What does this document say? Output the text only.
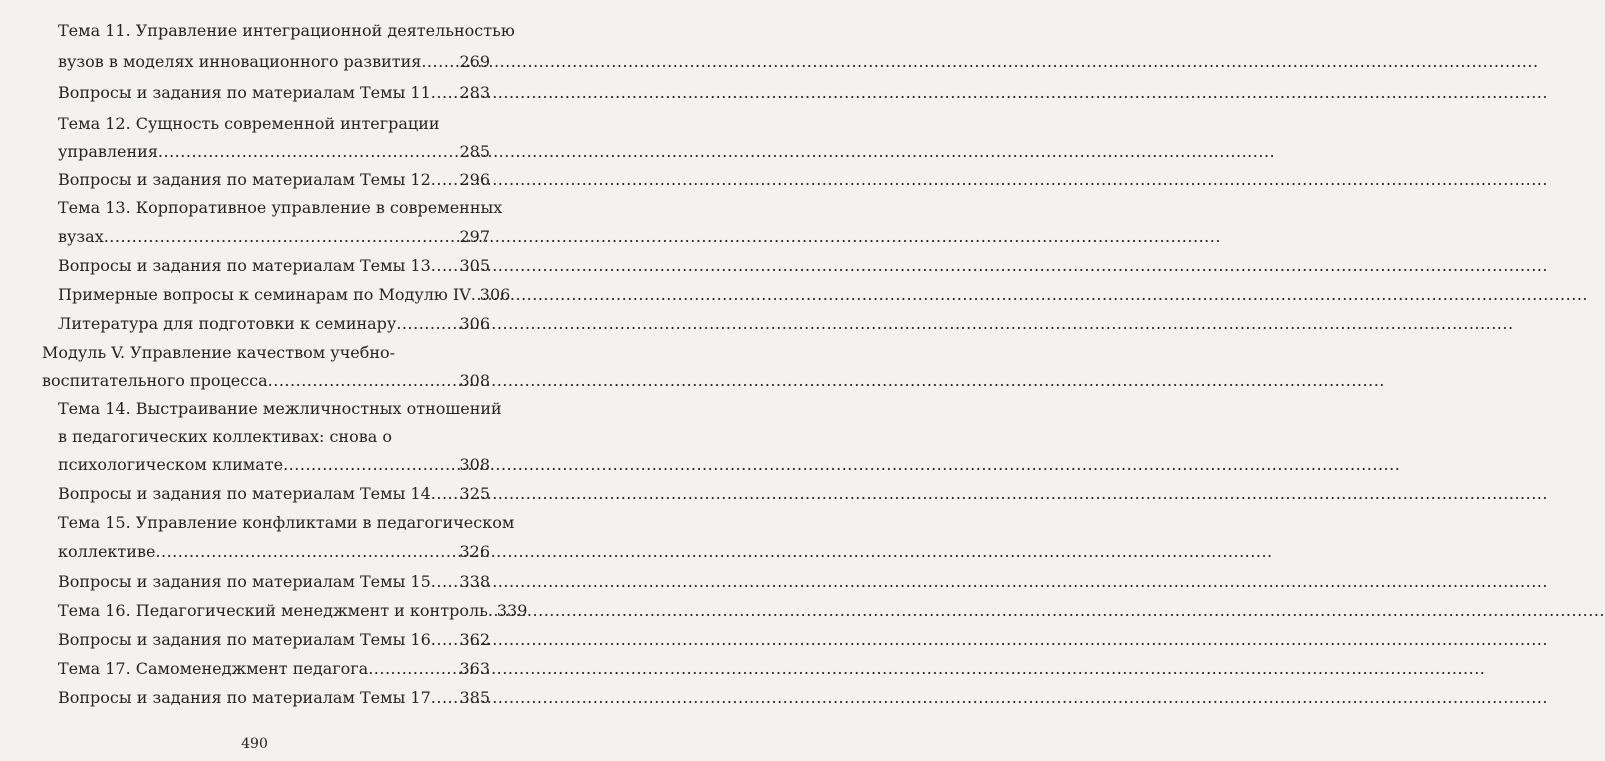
Тема 11. Управление интеграционной деятельностью
вузов в моделях инновационного развития ..... 269
Вопросы и задания по материалам Темы 11 ..... 283
Тема 12. Сущность современной интеграции
управления .....	285
Вопросы и задания по материалам Темы 12 ..... 296
Тема 13. Корпоративное управление в современных
вузах .....	297
Вопросы и задания по материалам Темы 13 ..... 305
Примерные вопросы к семинарам по Модулю IV ..... 306
Литература для подготовки к семинару .....	306
Модуль V. Управление качеством учебно-
воспитательного процесса .....	308
Тема 14. Выстраивание межличностных отношений
в педагогических коллективах: снова о
психологическом климате .....	308
Вопросы и задания по материалам Темы 14 ..... 325
Тема 15. Управление конфликтами в педагогическом
коллективе .....	326
Вопросы и задания по материалам Темы 15 ..... 338
Тема 16. Педагогический менеджмент и контроль ..... 339
Вопросы и задания по материалам Темы 16 ..... 362
Тема 17. Самоменеджмент педагога .....	363
Вопросы и задания по материалам Темы 17 ..... 385
490
